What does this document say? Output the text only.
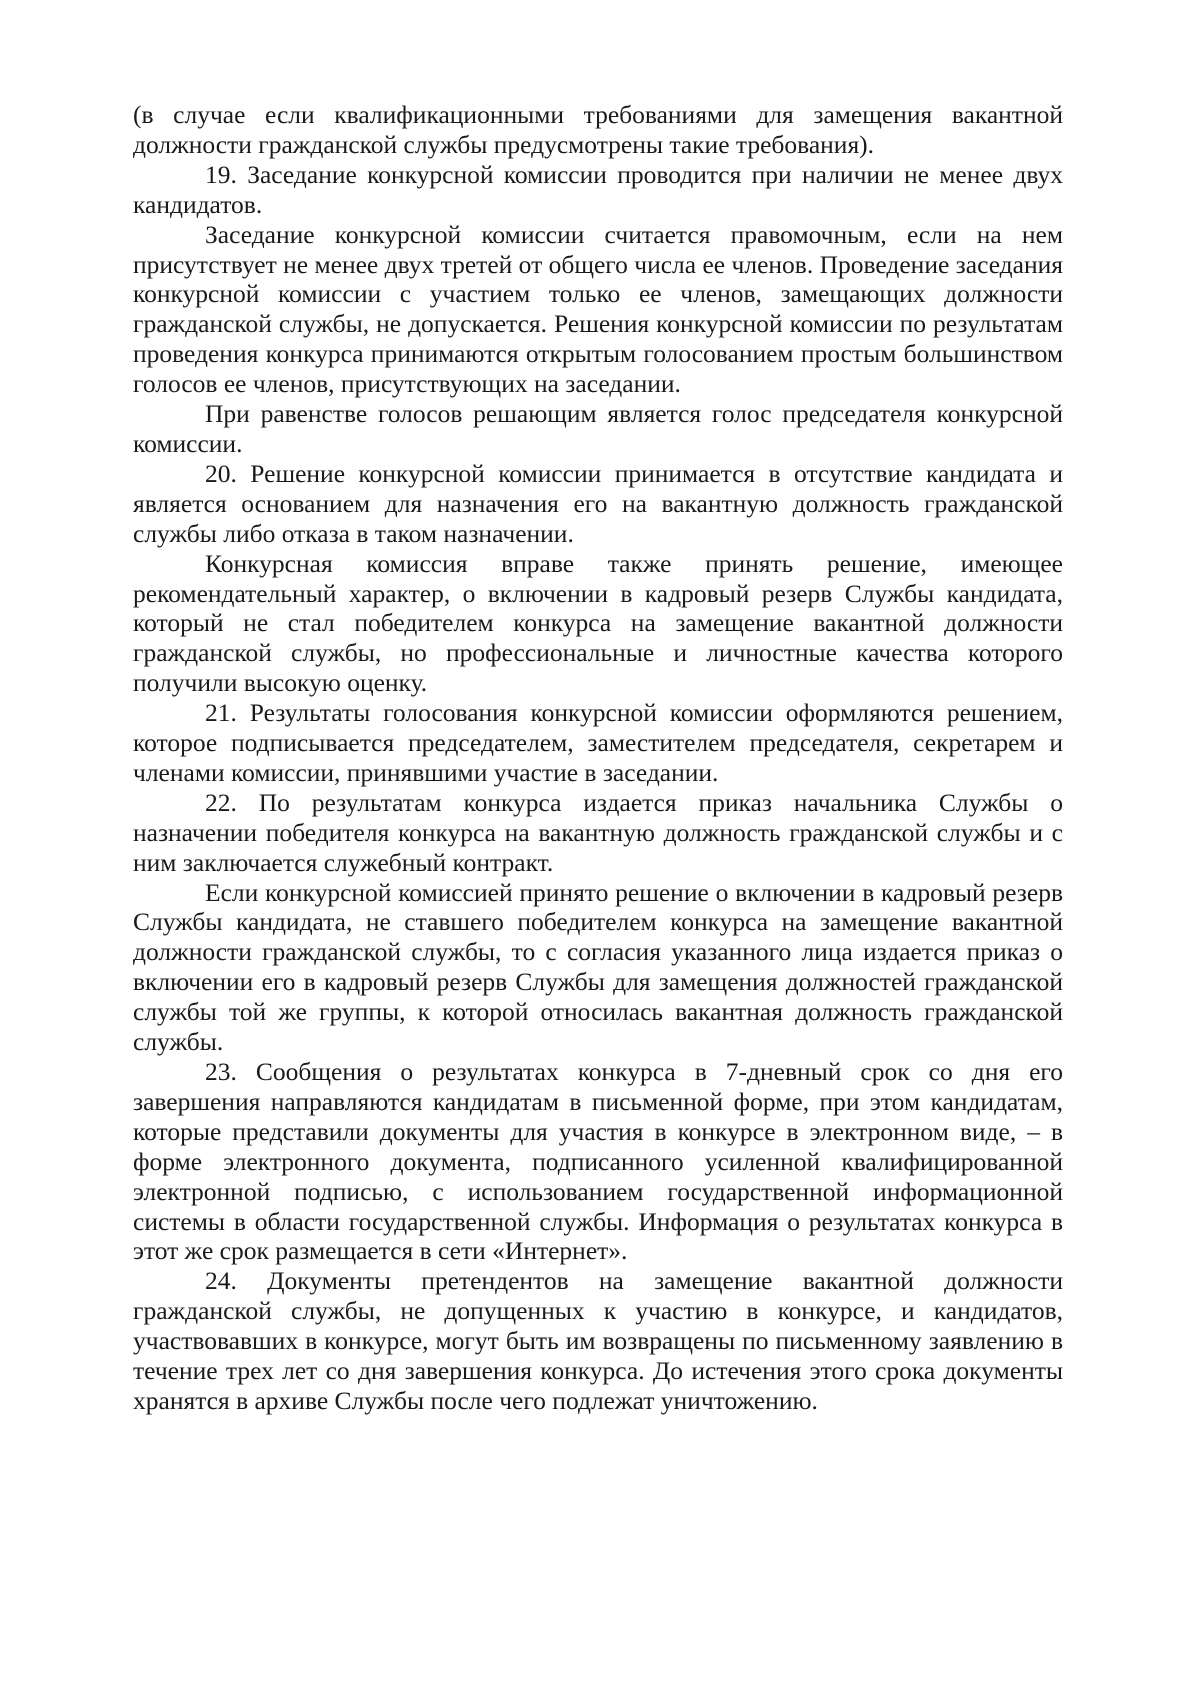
(в случае если квалификационными требованиями для замещения вакантной должности гражданской службы предусмотрены такие требования).

19. Заседание конкурсной комиссии проводится при наличии не менее двух кандидатов.

Заседание конкурсной комиссии считается правомочным, если на нем присутствует не менее двух третей от общего числа ее членов. Проведение заседания конкурсной комиссии с участием только ее членов, замещающих должности гражданской службы, не допускается. Решения конкурсной комиссии по результатам проведения конкурса принимаются открытым голосованием простым большинством голосов ее членов, присутствующих на заседании.

При равенстве голосов решающим является голос председателя конкурсной комиссии.

20. Решение конкурсной комиссии принимается в отсутствие кандидата и является основанием для назначения его на вакантную должность гражданской службы либо отказа в таком назначении.

Конкурсная комиссия вправе также принять решение, имеющее рекомендательный характер, о включении в кадровый резерв Службы кандидата, который не стал победителем конкурса на замещение вакантной должности гражданской службы, но профессиональные и личностные качества которого получили высокую оценку.

21. Результаты голосования конкурсной комиссии оформляются решением, которое подписывается председателем, заместителем председателя, секретарем и членами комиссии, принявшими участие в заседании.

22. По результатам конкурса издается приказ начальника Службы о назначении победителя конкурса на вакантную должность гражданской службы и с ним заключается служебный контракт.

Если конкурсной комиссией принято решение о включении в кадровый резерв Службы кандидата, не ставшего победителем конкурса на замещение вакантной должности гражданской службы, то с согласия указанного лица издается приказ о включении его в кадровый резерв Службы для замещения должностей гражданской службы той же группы, к которой относилась вакантная должность гражданской службы.

23. Сообщения о результатах конкурса в 7-дневный срок со дня его завершения направляются кандидатам в письменной форме, при этом кандидатам, которые представили документы для участия в конкурсе в электронном виде, – в форме электронного документа, подписанного усиленной квалифицированной электронной подписью, с использованием государственной информационной системы в области государственной службы. Информация о результатах конкурса в этот же срок размещается в сети «Интернет».

24. Документы претендентов на замещение вакантной должности гражданской службы, не допущенных к участию в конкурсе, и кандидатов, участвовавших в конкурсе, могут быть им возвращены по письменному заявлению в течение трех лет со дня завершения конкурса. До истечения этого срока документы хранятся в архиве Службы после чего подлежат уничтожению.
